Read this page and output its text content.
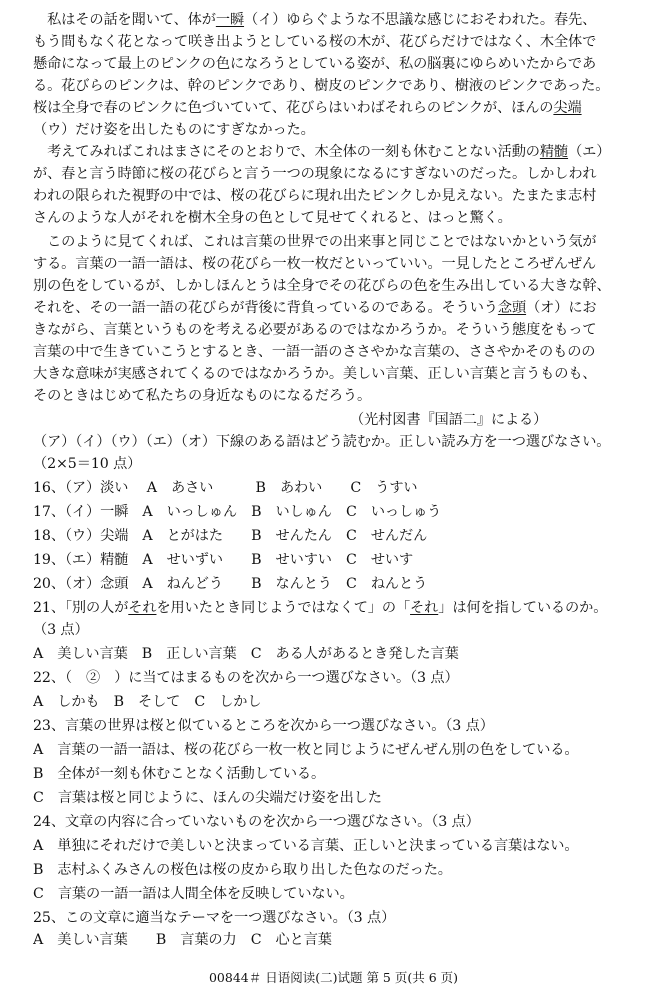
　私はその話を聞いて、体が一瞬（イ）ゆらぐような不思議な感じにおそわれた。春先、
もう間もなく花となって咲き出ようとしている桜の木が、花びらだけではなく、木全体で
懸命になって最上のピンクの色になろうとしている姿が、私の脳裏にゆらめいたからであ
る。花びらのピンクは、幹のピンクであり、樹皮のピンクであり、樹液のピンクであった。
桜は全身で春のピンクに色づいていて、花びらはいわばそれらのピンクが、ほんの尖端
（ウ）だけ姿を出したものにすぎなかった。
　考えてみればこれはまさにそのとおりで、木全体の一刻も休むことない活動の精髄（エ）
が、春と言う時節に桜の花びらと言う一つの現象になるにすぎないのだった。しかしわれ
われの限られた視野の中では、桜の花びらに現れ出たピンクしか見えない。たまたま志村
さんのような人がそれを樹木全身の色として見せてくれると、はっと驚く。
　このように見てくれば、これは言葉の世界での出来事と同じことではないかという気が
する。言葉の一語一語は、桜の花びら一枚一枚だといっていい。一見したところぜんぜん
別の色をしているが、しかしほんとうは全身でその花びらの色を生み出している大きな幹、
それを、その一語一語の花びらが背後に背負っているのである。そういう念頭（オ）にお
きながら、言葉というものを考える必要があるのではなかろうか。そういう態度をもって
言葉の中で生きていこうとするとき、一語一語のささやかな言葉の、ささやかそのものの
大きな意味が実感されてくるのではなかろうか。美しい言葉、正しい言葉と言うものも、
そのときはじめて私たちの身近なものになるだろう。
（光村図書『国語二』による）
（ア）（イ）（ウ）（エ）（オ）下線のある語はどう読むか。正しい読み方を一つ選びなさい。
（2×5＝10 点）
16、（ア）淡い　 A　あさい　　　B　あわい　　C　うすい
17、（イ）一瞬　A　いっしゅん　B　いしゅん　C　いっしゅう
18、（ウ）尖端　A　とがはた　　B　せんたん　C　せんだん
19、（エ）精髄　A　せいずい　　B　せいすい　C　せいす
20、（オ）念頭　A　ねんどう　　B　なんとう　C　ねんとう
21、「別の人がそれを用いたとき同じようではなくて」の「それ」は何を指しているのか。
（3 点）
A　美しい言葉　B　正しい言葉　C　ある人があるとき発した言葉
22、（　②　）に当てはまるものを次から一つ選びなさい。（3 点）
A　しかも　B　そして　C　しかし
23、言葉の世界は桜と似ているところを次から一つ選びなさい。（3 点）
A　言葉の一語一語は、桜の花びら一枚一枚と同じようにぜんぜん別の色をしている。
B　全体が一刻も休むことなく活動している。
C　言葉は桜と同じように、ほんの尖端だけ姿を出した
24、文章の内容に合っていないものを次から一つ選びなさい。（3 点）
A　単独にそれだけで美しいと決まっている言葉、正しいと決まっている言葉はない。
B　志村ふくみさんの桜色は桜の皮から取り出した色なのだった。
C　言葉の一語一語は人間全体を反映していない。
25、この文章に適当なテーマを一つ選びなさい。（3 点）
A　美しい言葉　　B　言葉の力　C　心と言葉
00844＃ 日语阅读(二)试题 第 5 页(共 6 页)
